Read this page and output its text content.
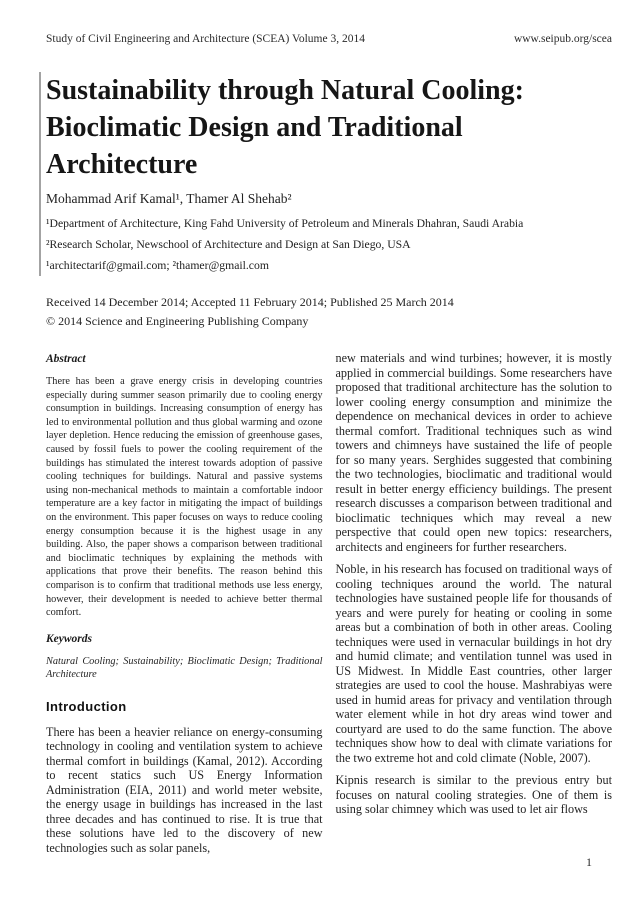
Study of Civil Engineering and Architecture (SCEA) Volume 3, 2014	www.seipub.org/scea
Sustainability through Natural Cooling: Bioclimatic Design and Traditional Architecture
Mohammad Arif Kamal¹, Thamer Al Shehab²
¹Department of Architecture, King Fahd University of Petroleum and Minerals Dhahran, Saudi Arabia
²Research Scholar, Newschool of Architecture and Design at San Diego, USA
¹architectarif@gmail.com; ²thamer@gmail.com
Received 14 December 2014; Accepted 11 February 2014; Published 25 March 2014
© 2014 Science and Engineering Publishing Company
Abstract

There has been a grave energy crisis in developing countries especially during summer season primarily due to cooling energy consumption in buildings. Increasing consumption of energy has led to environmental pollution and thus global warming and ozone layer depletion. Hence reducing the emission of greenhouse gases, caused by fossil fuels to power the cooling requirement of the buildings has stimulated the interest towards adoption of passive cooling techniques for buildings. Natural and passive systems using non-mechanical methods to maintain a comfortable indoor temperature are a key factor in mitigating the impact of buildings on the environment. This paper focuses on ways to reduce cooling energy consumption because it is the highest usage in any building. Also, the paper shows a comparison between traditional and bioclimatic techniques by explaining the methods with applications that prove their benefits. The reason behind this comparison is to confirm that traditional methods use less energy, however, their development is needed to achieve better thermal comfort.

Keywords

Natural Cooling; Sustainability; Bioclimatic Design; Traditional Architecture

Introduction

There has been a heavier reliance on energy-consuming technology in cooling and ventilation system to achieve thermal comfort in buildings (Kamal, 2012). According to recent statics such US Energy Information Administration (EIA, 2011) and world meter website, the energy usage in buildings has increased in the last three decades and has continued to rise. It is true that these solutions have led to the discovery of new technologies such as solar panels,

new materials and wind turbines; however, it is mostly applied in commercial buildings. Some researchers have proposed that traditional architecture has the solution to lower cooling energy consumption and minimize the dependence on mechanical devices in order to achieve thermal comfort. Traditional techniques such as wind towers and chimneys have sustained the life of people for so many years. Serghides suggested that combining the two technologies, bioclimatic and traditional would result in better energy efficiency buildings. The present research discusses a comparison between traditional and bioclimatic techniques which may reveal a new perspective that could open new topics: researchers, architects and engineers for further researchers.

Noble, in his research has focused on traditional ways of cooling techniques around the world. The natural technologies have sustained people life for thousands of years and were purely for heating or cooling in some areas but a combination of both in other areas. Cooling techniques were used in vernacular buildings in hot dry and humid climate; and ventilation tunnel was used in US Midwest. In Middle East countries, other larger strategies are used to cool the house. Mashrabiyas were used in humid areas for privacy and ventilation through water element while in hot dry areas wind tower and courtyard are used to do the same function. The above techniques show how to deal with climate variations for the two extreme hot and cold climate (Noble, 2007).

Kipnis research is similar to the previous entry but focuses on natural cooling strategies. One of them is using solar chimney which was used to let air flows

1
